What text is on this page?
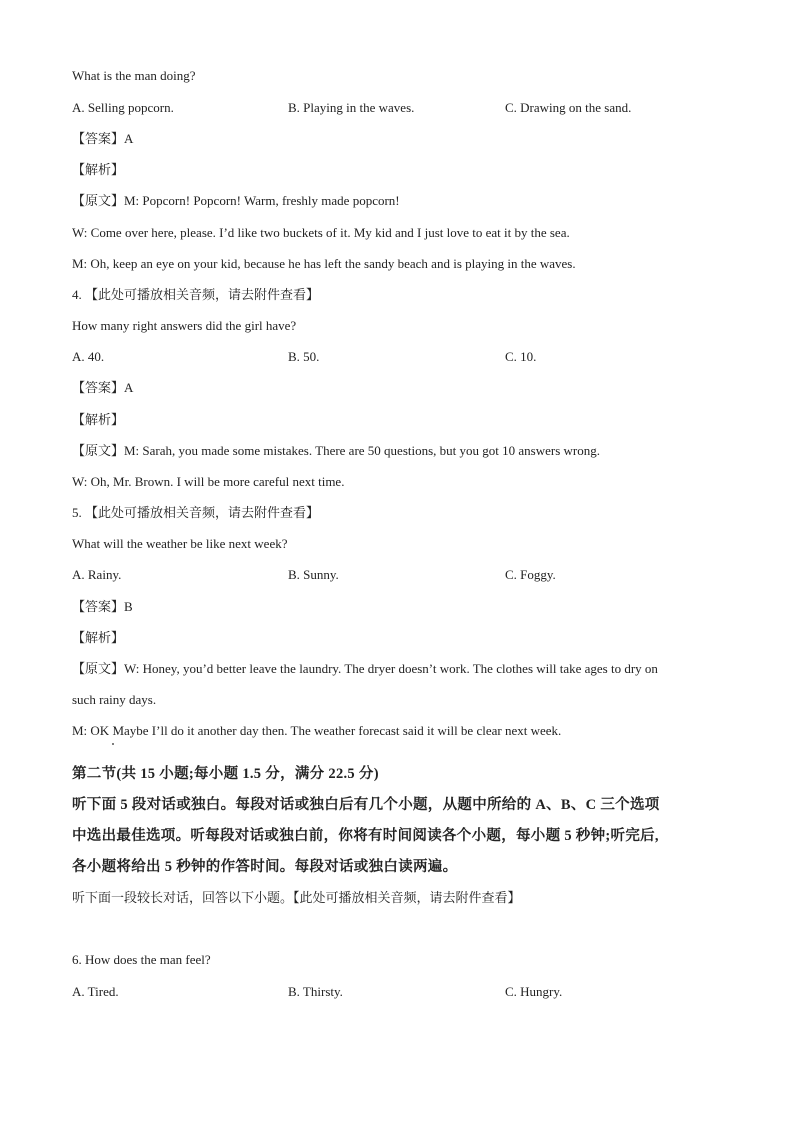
What is the man doing?
A. Selling popcorn.	B. Playing in the waves.	C. Drawing on the sand.
【答案】A
【解析】
【原文】M: Popcorn! Popcorn! Warm, freshly made popcorn!
W: Come over here, please. I’d like two buckets of it. My kid and I just love to eat it by the sea.
M: Oh, keep an eye on your kid, because he has left the sandy beach and is playing in the waves.
4. 【此处可播放相关音频，请去附件查看】
How many right answers did the girl have?
A. 40.	B. 50.	C. 10.
【答案】A
【解析】
【原文】M: Sarah, you made some mistakes. There are 50 questions, but you got 10 answers wrong.
W: Oh, Mr. Brown. I will be more careful next time.
5. 【此处可播放相关音频，请去附件查看】
What will the weather be like next week?
A. Rainy.	B. Sunny.	C. Foggy.
【答案】B
【解析】
【原文】W: Honey, you’d better leave the laundry. The dryer doesn’t work. The clothes will take ages to dry on
such rainy days.
M: OK Maybe I’ll do it another day then. The weather forecast said it will be clear next week.
第二节(共 15 小题;每小题 1.5 分，满分 22.5 分)
听下面 5 段对话或独白。每段对话或独白后有几个小题，从题中所给的 A、B、C 三个选项
中选出最佳选项。听每段对话或独白前，你将有时间阅读各个小题，每小题 5 秒钟;听完后,
各小题将给出 5 秒钟的作答时间。每段对话或独白读两遍。
听下面一段较长对话，回答以下小题。【此处可播放相关音频，请去附件查看】
6. How does the man feel?
A. Tired.	B. Thirsty.	C. Hungry.
